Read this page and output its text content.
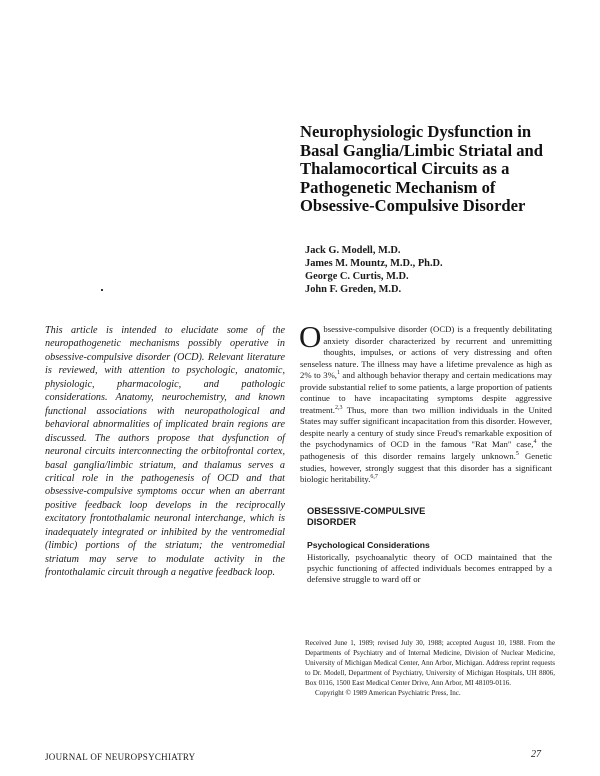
Neurophysiologic Dysfunction in Basal Ganglia/Limbic Striatal and Thalamocortical Circuits as a Pathogenetic Mechanism of Obsessive-Compulsive Disorder
Jack G. Modell, M.D.
James M. Mountz, M.D., Ph.D.
George C. Curtis, M.D.
John F. Greden, M.D.

This article is intended to elucidate some of the neuropathogenetic mechanisms possibly operative in obsessive-compulsive disorder (OCD). Relevant literature is reviewed, with attention to psychologic, anatomic, physiologic, pharmacologic, and pathologic considerations. Anatomy, neurochemistry, and known functional associations with neuropathological and behavioral abnormalities of implicated brain regions are discussed. The authors propose that dysfunction of neuronal circuits interconnecting the orbitofrontal cortex, basal ganglia/limbic striatum, and thalamus serves a critical role in the pathogenesis of OCD and that obsessive-compulsive symptoms occur when an aberrant positive feedback loop develops in the reciprocally excitatory frontothalamic neuronal interchange, which is inadequately integrated or inhibited by the ventromedial (limbic) portions of the striatum; the ventromedial striatum may serve to modulate activity in the frontothalamic circuit through a negative feedback loop.

Obsessive-compulsive disorder (OCD) is a frequently debilitating anxiety disorder characterized by recurrent and unremitting thoughts, impulses, or actions of very distressing and often senseless nature. The illness may have a lifetime prevalence as high as 2% to 3%,$^1$ and although behavior therapy and certain medications may provide substantial relief to some patients, a large proportion of patients continue to have incapacitating symptoms despite aggressive treatment.$^{2,3}$ Thus, more than two million individuals in the United States may suffer significant incapacitation from this disorder. However, despite nearly a century of study since Freud's remarkable exposition of the psychodynamics of OCD in the famous "Rat Man" case,$^4$ the pathogenesis of this disorder remains largely unknown.$^5$ Genetic studies, however, strongly suggest that this disorder has a significant biologic heritability.$^{6,7}$

OBSESSIVE-COMPULSIVE
DISORDER
Psychological Considerations

Historically, psychoanalytic theory of OCD maintained that the psychic functioning of affected individuals becomes entrapped by a defensive struggle to ward off or

Received June 1, 1989; revised July 30, 1988; accepted August 10, 1988. From the Departments of Psychiatry and of Internal Medicine, Division of Nuclear Medicine, University of Michigan Medical Center, Ann Arbor, Michigan. Address reprint requests to Dr. Modell, Department of Psychiatry, University of Michigan Hospitals, UH 8806, Box 0116, 1500 East Medical Center Drive, Ann Arbor, MI 48109-0116.
Copyright © 1989 American Psychiatric Press, Inc.

JOURNAL OF NEUROPSYCHIATRY	27
